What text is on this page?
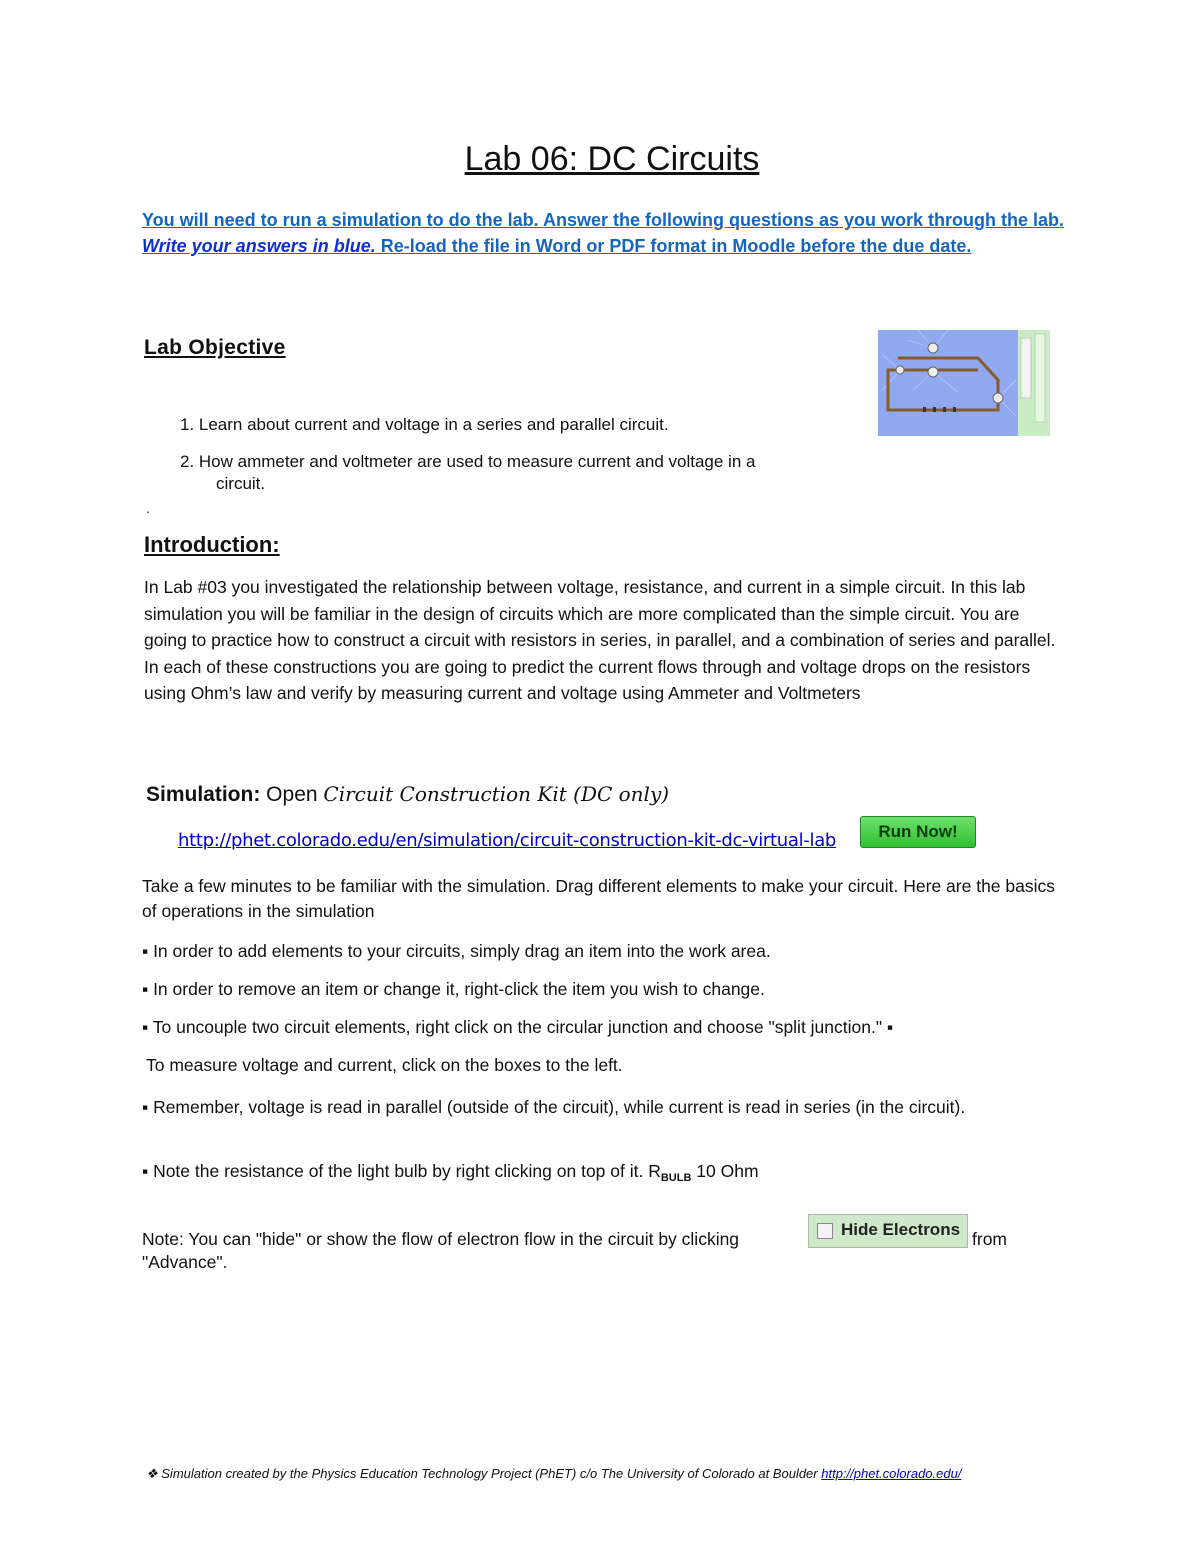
Lab 06: DC Circuits
You will need to run a simulation to do the lab. Answer the following questions as you work through the lab. Write your answers in blue. Re-load the file in Word or PDF format in Moodle before the due date.
Lab Objective
1. Learn about current and voltage in a series and parallel circuit.
2. How ammeter and voltmeter are used to measure current and voltage in a
circuit.
.
Introduction:
In Lab #03 you investigated the relationship between voltage, resistance, and current in a simple circuit. In this lab simulation you will be familiar in the design of circuits which are more complicated than the simple circuit. You are going to practice how to construct a circuit with resistors in series, in parallel, and a combination of series and parallel. In each of these constructions you are going to predict the current flows through and voltage drops on the resistors using Ohm’s law and verify by measuring current and voltage using Ammeter and Voltmeters
Simulation: Open Circuit Construction Kit (DC only)
http://phet.colorado.edu/en/simulation/circuit-construction-kit-dc-virtual-lab	Run Now!
Take a few minutes to be familiar with the simulation. Drag different elements to make your circuit. Here are the basics of operations in the simulation
▪ In order to add elements to your circuits, simply drag an item into the work area.
▪ In order to remove an item or change it, right-click the item you wish to change.
▪ To uncouple two circuit elements, right click on the circular junction and choose "split junction." ▪
To measure voltage and current, click on the boxes to the left.
▪ Remember, voltage is read in parallel (outside of the circuit), while current is read in series (in the circuit).
▪ Note the resistance of the light bulb by right clicking on top of it. $R_{BULB}$ 10 Ohm
Note: You can "hide" or show the flow of electron flow in the circuit by clicking	Hide Electrons from
"Advance".
❖ Simulation created by the Physics Education Technology Project (PhET) c/o The University of Colorado at Boulder http://phet.colorado.edu/
